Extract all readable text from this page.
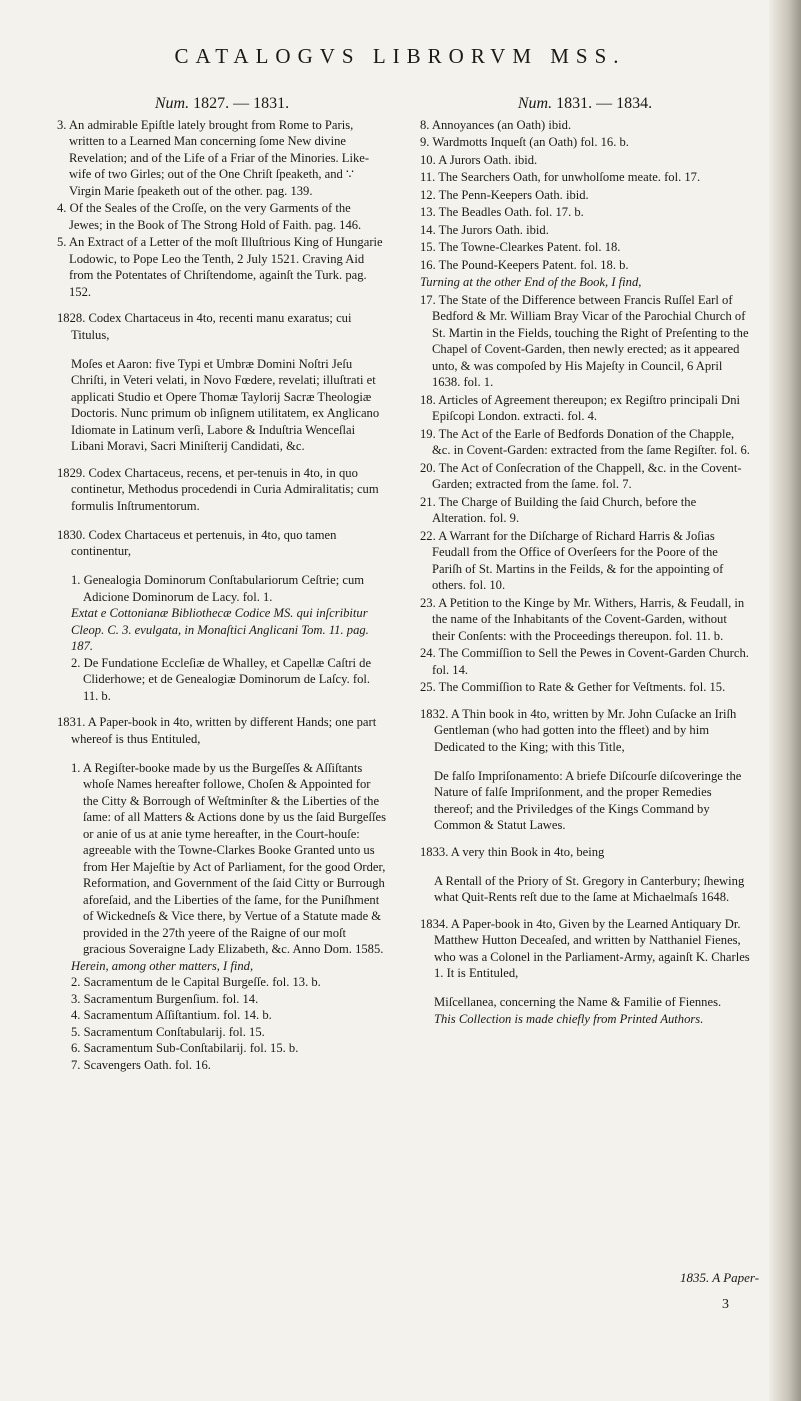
CATALOGVS LIBRORVM MSS.
Num. 1827. — 1831.

3. An admirable Epiſtle lately brought from Rome to Paris, written to a Learned Man concerning ſome New divine Revelation; and of the Life of a Friar of the Minories. Like-wife of two Girles; out of the One Chriſt ſpeaketh, and ∵ Virgin Marie ſpeaketh out of the other. pag. 139.

4. Of the Seales of the Croſſe, on the very Garments of the Jewes; in the Book of The Strong Hold of Faith. pag. 146.

5. An Extract of a Letter of the moſt Illuſtrious King of Hungarie Lodowic, to Pope Leo the Tenth, 2 July 1521. Craving Aid from the Potentates of Chriſtendome, againſt the Turk. pag. 152.

1828. Codex Chartaceus in 4to, recenti manu exaratus; cui Titulus,

Moſes et Aaron: five Typi et Umbræ Domini Noſtri Jeſu Chriſti, in Veteri velati, in Novo Fœdere, revelati; illuſtrati et applicati Studio et Opere Thomæ Taylorij Sacræ Theologiæ Doctoris. Nunc primum ob inſignem utilitatem, ex Anglicano Idiomate in Latinum verſi, Labore & Induſtria Wenceſlai Libani Moravi, Sacri Miniſterij Candidati, &c.

1829. Codex Chartaceus, recens, et per-tenuis in 4to, in quo continetur, Methodus procedendi in Curia Admiralitatis; cum formulis Inſtrumentorum.

1830. Codex Chartaceus et pertenuis, in 4to, quo tamen continentur,

1. Genealogia Dominorum Conſtabulariorum Ceſtrie; cum Adicione Dominorum de Lacy. fol. 1.

Extat e Cottonianæ Bibliothecæ Codice MS. qui inſcribitur Cleop. C. 3. evulgata, in Monaſtici Anglicani Tom. 11. pag. 187.

2. De Fundatione Eccleſiæ de Whalley, et Capellæ Caſtri de Cliderhowe; et de Genealogiæ Dominorum de Laſcy. fol. 11. b.

1831. A Paper-book in 4to, written by different Hands; one part whereof is thus Entituled,

1. A Regiſter-booke made by us the Burgeſſes & Aſſiſtants whoſe Names hereafter followe, Choſen & Appointed for the Citty & Borrough of Weſtminſter & the Liberties of the ſame: of all Matters & Actions done by us the ſaid Burgeſſes or anie of us at anie tyme hereafter, in the Court-houſe: agreeable with the Towne-Clarkes Booke Granted unto us from Her Majeſtie by Act of Parliament, for the good Order, Reformation, and Government of the ſaid Citty or Burrough aforeſaid, and the Liberties of the ſame, for the Puniſhment of Wickedneſs & Vice there, by Vertue of a Statute made & provided in the 27th yeere of the Raigne of our moſt gracious Soveraigne Lady Elizabeth, &c. Anno Dom. 1585.

Herein, among other matters, I find,

2. Sacramentum de le Capital Burgeſſe. fol. 13. b.

3. Sacramentum Burgenſium. fol. 14.

4. Sacramentum Aſſiſtantium. fol. 14. b.

5. Sacramentum Conſtabularij. fol. 15.

6. Sacramentum Sub-Conſtabilarij. fol. 15. b.

7. Scavengers Oath. fol. 16.

Num. 1831. — 1834.

8. Annoyances (an Oath) ibid.

9. Wardmotts Inqueſt (an Oath) fol. 16. b.

10. A Jurors Oath. ibid.

11. The Searchers Oath, for unwholſome meate. fol. 17.

12. The Penn-Keepers Oath. ibid.

13. The Beadles Oath. fol. 17. b.

14. The Jurors Oath. ibid.

15. The Towne-Clearkes Patent. fol. 18.

16. The Pound-Keepers Patent. fol. 18. b.

Turning at the other End of the Book, I find,

17. The State of the Difference between Francis Ruſſel Earl of Bedford & Mr. William Bray Vicar of the Parochial Church of St. Martin in the Fields, touching the Right of Preſenting to the Chapel of Covent-Garden, then newly erected; as it appeared unto, & was compoſed by His Majeſty in Council, 6 April 1638. fol. 1.

18. Articles of Agreement thereupon; ex Regiſtro principali Dni Epiſcopi London. extracti. fol. 4.

19. The Act of the Earle of Bedfords Donation of the Chapple, &c. in Covent-Garden: extracted from the ſame Regiſter. fol. 6.

20. The Act of Conſecration of the Chappell, &c. in the Covent-Garden; extracted from the ſame. fol. 7.

21. The Charge of Building the ſaid Church, before the Alteration. fol. 9.

22. A Warrant for the Diſcharge of Richard Harris & Joſias Feudall from the Office of Overſeers for the Poore of the Pariſh of St. Martins in the Feilds, & for the appointing of others. fol. 10.

23. A Petition to the Kinge by Mr. Withers, Harris, & Feudall, in the name of the Inhabitants of the Covent-Garden, without their Conſents: with the Proceedings thereupon. fol. 11. b.

24. The Commiſſion to Sell the Pewes in Covent-Garden Church. fol. 14.

25. The Commiſſion to Rate & Gether for Veſtments. fol. 15.

1832. A Thin book in 4to, written by Mr. John Cuſacke an Iriſh Gentleman (who had gotten into the ffleet) and by him Dedicated to the King; with this Title,

De falſo Impriſonamento: A briefe Diſcourſe diſcoveringe the Nature of falſe Impriſonment, and the proper Remedies thereof; and the Priviledges of the Kings Command by Common & Statut Lawes.

1833. A very thin Book in 4to, being

A Rentall of the Priory of St. Gregory in Canterbury; ſhewing what Quit-Rents reſt due to the ſame at Michaelmaſs 1648.

1834. A Paper-book in 4to, Given by the Learned Antiquary Dr. Matthew Hutton Deceaſed, and written by Natthaniel Fienes, who was a Colonel in the Parliament-Army, againſt K. Charles 1. It is Entituled,

Miſcellanea, concerning the Name & Familie of Fiennes.

This Collection is made chiefly from Printed Authors.

1835. A Paper-
3
